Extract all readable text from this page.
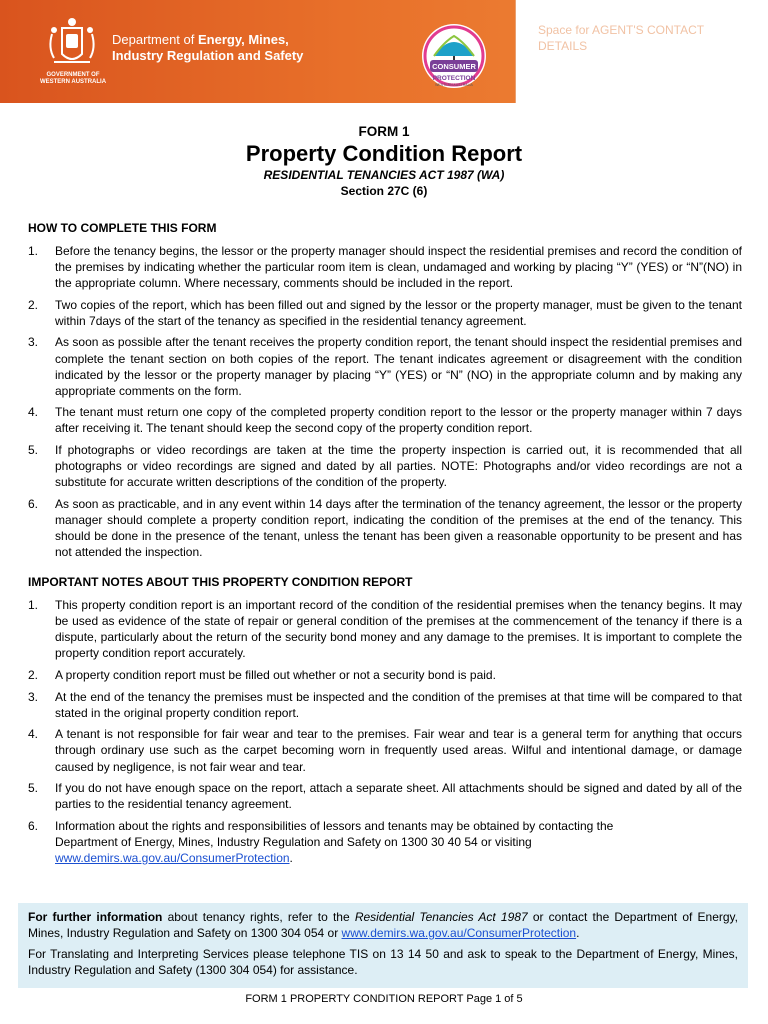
GOVERNMENT OF
WESTERN AUSTRALIA
Department of Energy, Mines,
Industry Regulation and Safety
CONSUMER
PROTECTION
WESTERN AUSTRALIA
Space for AGENT'S CONTACT DETAILS
FORM 1
Property Condition Report
RESIDENTIAL TENANCIES ACT 1987 (WA)
Section 27C (6)
HOW TO COMPLETE THIS FORM
1. Before the tenancy begins, the lessor or the property manager should inspect the residential premises and record the condition of the premises by indicating whether the particular room item is clean, undamaged and working by placing “Y” (YES) or “N”(NO) in the appropriate column. Where necessary, comments should be included in the report.
2. Two copies of the report, which has been filled out and signed by the lessor or the property manager, must be given to the tenant within 7days of the start of the tenancy as specified in the residential tenancy agreement.
3. As soon as possible after the tenant receives the property condition report, the tenant should inspect the residential premises and complete the tenant section on both copies of the report. The tenant indicates agreement or disagreement with the condition indicated by the lessor or the property manager by placing “Y” (YES) or “N” (NO) in the appropriate column and by making any appropriate comments on the form.
4. The tenant must return one copy of the completed property condition report to the lessor or the property manager within 7 days after receiving it. The tenant should keep the second copy of the property condition report.
5. If photographs or video recordings are taken at the time the property inspection is carried out, it is recommended that all photographs or video recordings are signed and dated by all parties. NOTE: Photographs and/or video recordings are not a substitute for accurate written descriptions of the condition of the property.
6. As soon as practicable, and in any event within 14 days after the termination of the tenancy agreement, the lessor or the property manager should complete a property condition report, indicating the condition of the premises at the end of the tenancy. This should be done in the presence of the tenant, unless the tenant has been given a reasonable opportunity to be present and has not attended the inspection.
IMPORTANT NOTES ABOUT THIS PROPERTY CONDITION REPORT
1. This property condition report is an important record of the condition of the residential premises when the tenancy begins. It may be used as evidence of the state of repair or general condition of the premises at the commencement of the tenancy if there is a dispute, particularly about the return of the security bond money and any damage to the premises. It is important to complete the property condition report accurately.
2. A property condition report must be filled out whether or not a security bond is paid.
3. At the end of the tenancy the premises must be inspected and the condition of the premises at that time will be compared to that stated in the original property condition report.
4. A tenant is not responsible for fair wear and tear to the premises. Fair wear and tear is a general term for anything that occurs through ordinary use such as the carpet becoming worn in frequently used areas. Wilful and intentional damage, or damage caused by negligence, is not fair wear and tear.
5. If you do not have enough space on the report, attach a separate sheet. All attachments should be signed and dated by all of the parties to the residential tenancy agreement.
6. Information about the rights and responsibilities of lessors and tenants may be obtained by contacting the
Department of Energy, Mines, Industry Regulation and Safety on 1300 30 40 54 or visiting
www.demirs.wa.gov.au/ConsumerProtection.

For further information about tenancy rights, refer to the Residential Tenancies Act 1987 or contact the Department of Energy, Mines, Industry Regulation and Safety on 1300 304 054 or www.demirs.wa.gov.au/ConsumerProtection.

For Translating and Interpreting Services please telephone TIS on 13 14 50 and ask to speak to the Department of Energy, Mines, Industry Regulation and Safety (1300 304 054) for assistance.

FORM 1 PROPERTY CONDITION REPORT Page 1 of 5
